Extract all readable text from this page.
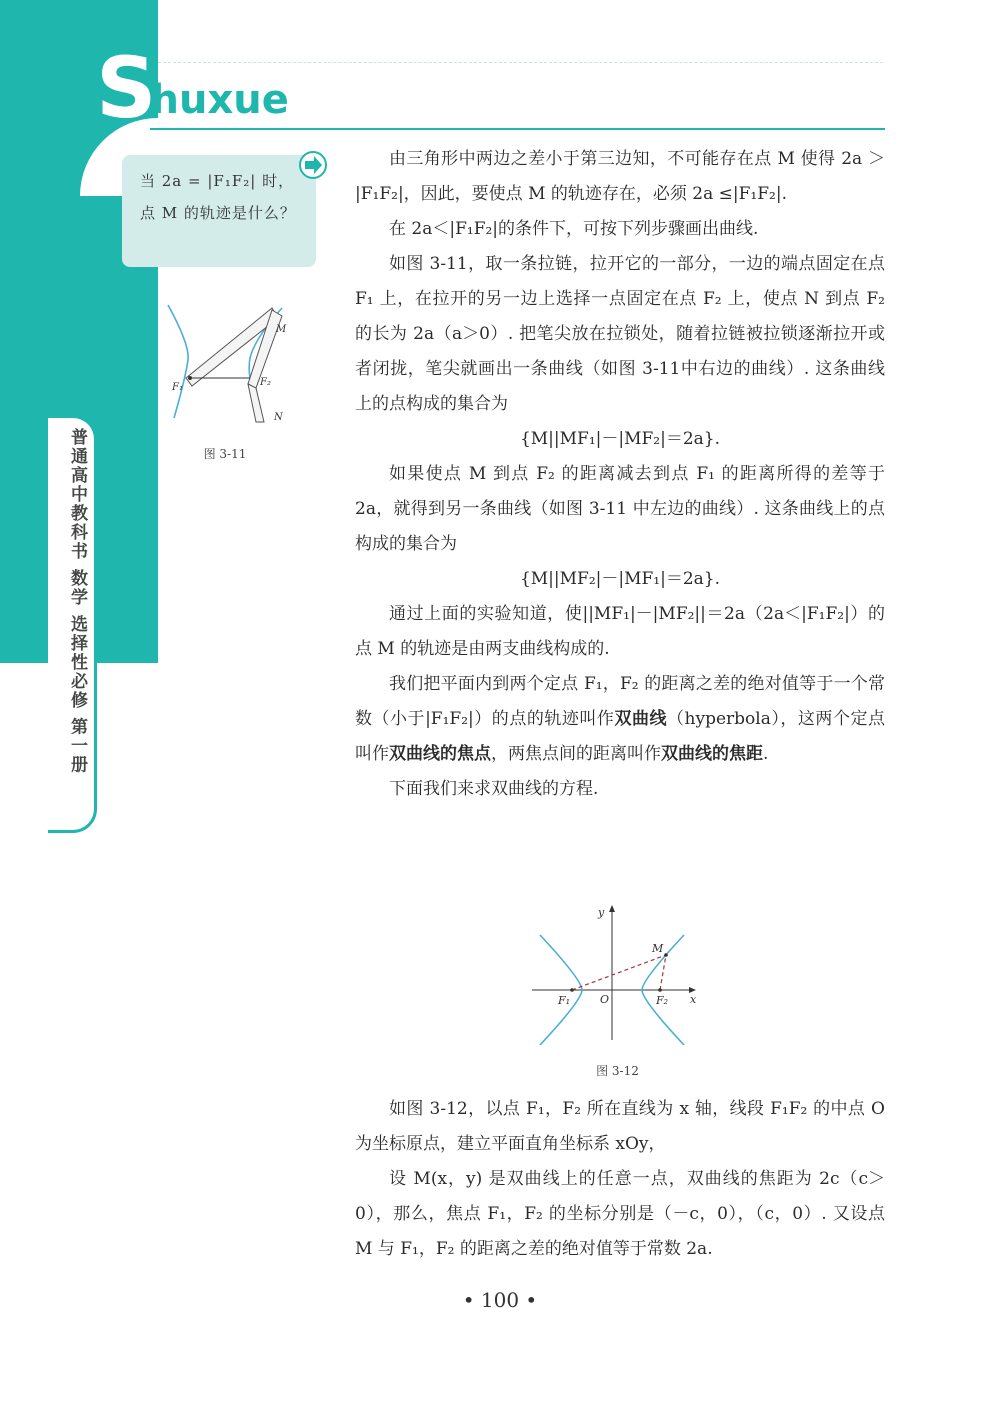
Shuxue
普通高中教科书 数学 选择性必修 第一册
当 2a = |F₁F₂| 时，点 M 的轨迹是什么？
M
F₁	F₂
N
图 3-11

由三角形中两边之差小于第三边知，不可能存在点 M 使得 2a ＞ |F₁F₂|，因此，要使点 M 的轨迹存在，必须 2a ≤|F₁F₂|.

在 2a＜|F₁F₂|的条件下，可按下列步骤画出曲线.

如图 3-11，取一条拉链，拉开它的一部分，一边的端点固定在点 F₁ 上，在拉开的另一边上选择一点固定在点 F₂ 上，使点 N 到点 F₂ 的长为 2a（a＞0）. 把笔尖放在拉锁处，随着拉链被拉锁逐渐拉开或者闭拢，笔尖就画出一条曲线（如图 3-11中右边的曲线）. 这条曲线上的点构成的集合为

{M||MF₁|－|MF₂|＝2a}.

如果使点 M 到点 F₂ 的距离减去到点 F₁ 的距离所得的差等于 2a，就得到另一条曲线（如图 3-11 中左边的曲线）. 这条曲线上的点构成的集合为

{M||MF₂|－|MF₁|＝2a}.

通过上面的实验知道，使||MF₁|－|MF₂||＝2a（2a＜|F₁F₂|）的点 M 的轨迹是由两支曲线构成的.

我们把平面内到两个定点 F₁，F₂ 的距离之差的绝对值等于一个常数（小于|F₁F₂|）的点的轨迹叫作双曲线（hyperbola），这两个定点叫作双曲线的焦点，两焦点间的距离叫作双曲线的焦距.

下面我们来求双曲线的方程.

y
x
O
M
F₁	F₂
图 3-12

如图 3-12，以点 F₁，F₂ 所在直线为 x 轴，线段 F₁F₂ 的中点 O 为坐标原点，建立平面直角坐标系 xOy，

设 M(x，y) 是双曲线上的任意一点，双曲线的焦距为 2c（c＞0），那么，焦点 F₁，F₂ 的坐标分别是（－c，0），（c，0）. 又设点 M 与 F₁，F₂ 的距离之差的绝对值等于常数 2a.

• 100 •
